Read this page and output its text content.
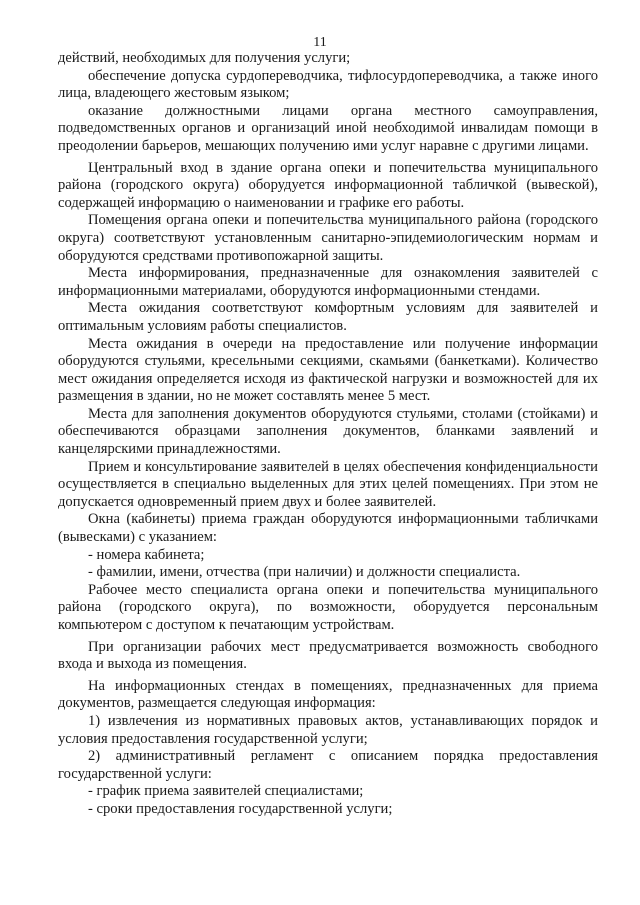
11

действий, необходимых для получения услуги;

обеспечение допуска сурдопереводчика, тифлосурдопереводчика, а также иного лица, владеющего жестовым языком;

оказание должностными лицами органа местного самоуправления, подведомственных органов и организаций иной необходимой инвалидам помощи в преодолении барьеров, мешающих получению ими услуг наравне с другими лицами.

Центральный вход в здание органа опеки и попечительства муниципального района (городского округа) оборудуется информационной табличкой (вывеской), содержащей информацию о наименовании и графике его работы.

Помещения органа опеки и попечительства муниципального района (городского округа) соответствуют установленным санитарно-эпидемиологическим нормам и оборудуются средствами противопожарной защиты.

Места информирования, предназначенные для ознакомления заявителей с информационными материалами, оборудуются информационными стендами.

Места ожидания соответствуют комфортным условиям для заявителей и оптимальным условиям работы специалистов.

Места ожидания в очереди на предоставление или получение информации оборудуются стульями, кресельными секциями, скамьями (банкетками). Количество мест ожидания определяется исходя из фактической нагрузки и возможностей для их размещения в здании, но не может составлять менее 5 мест.

Места для заполнения документов оборудуются стульями, столами (стойками) и обеспечиваются образцами заполнения документов, бланками заявлений и канцелярскими принадлежностями.

Прием и консультирование заявителей в целях обеспечения конфиденциальности осуществляется в специально выделенных для этих целей помещениях. При этом не допускается одновременный прием двух и более заявителей.

Окна (кабинеты) приема граждан оборудуются информационными табличками (вывесками) с указанием:

- номера кабинета;

- фамилии, имени, отчества (при наличии) и должности специалиста.

Рабочее место специалиста органа опеки и попечительства муниципального района (городского округа), по возможности, оборудуется персональным компьютером с доступом к печатающим устройствам.

При организации рабочих мест предусматривается возможность свободного входа и выхода из помещения.

На информационных стендах в помещениях, предназначенных для приема документов, размещается следующая информация:

1) извлечения из нормативных правовых актов, устанавливающих порядок и условия предоставления государственной услуги;

2) административный регламент с описанием порядка предоставления государственной услуги:

- график приема заявителей специалистами;

- сроки предоставления государственной услуги;
